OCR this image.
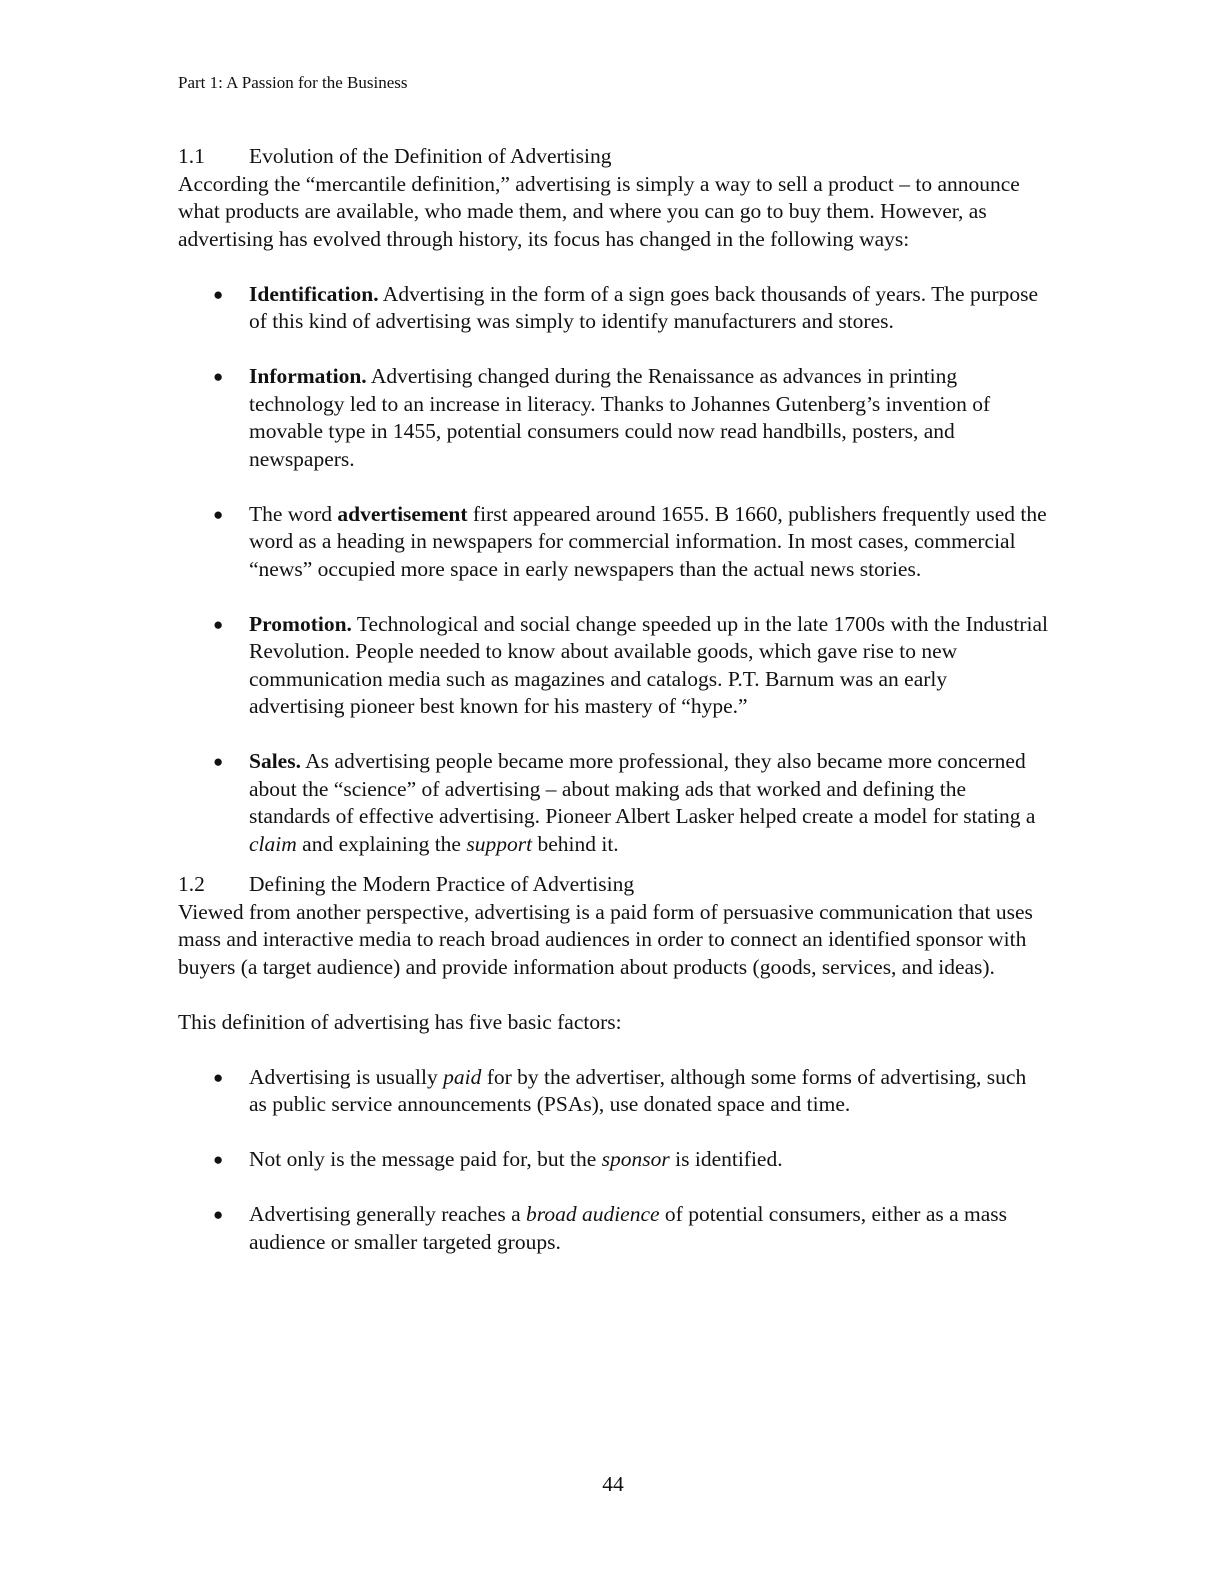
Part 1: A Passion for the Business
1.1	Evolution of the Definition of Advertising

According the “mercantile definition,” advertising is simply a way to sell a product – to announce what products are available, who made them, and where you can go to buy them. However, as advertising has evolved through history, its focus has changed in the following ways:

● Identification. Advertising in the form of a sign goes back thousands of years. The purpose of this kind of advertising was simply to identify manufacturers and stores.
● Information. Advertising changed during the Renaissance as advances in printing technology led to an increase in literacy. Thanks to Johannes Gutenberg’s invention of movable type in 1455, potential consumers could now read handbills, posters, and newspapers.
● The word advertisement first appeared around 1655. B 1660, publishers frequently used the word as a heading in newspapers for commercial information. In most cases, commercial “news” occupied more space in early newspapers than the actual news stories.
● Promotion. Technological and social change speeded up in the late 1700s with the Industrial Revolution. People needed to know about available goods, which gave rise to new communication media such as magazines and catalogs. P.T. Barnum was an early advertising pioneer best known for his mastery of “hype.”
● Sales. As advertising people became more professional, they also became more concerned about the “science” of advertising – about making ads that worked and defining the standards of effective advertising. Pioneer Albert Lasker helped create a model for stating a claim and explaining the support behind it.
1.2	Defining the Modern Practice of Advertising

Viewed from another perspective, advertising is a paid form of persuasive communication that uses mass and interactive media to reach broad audiences in order to connect an identified sponsor with buyers (a target audience) and provide information about products (goods, services, and ideas).

This definition of advertising has five basic factors:

● Advertising is usually paid for by the advertiser, although some forms of advertising, such as public service announcements (PSAs), use donated space and time.
● Not only is the message paid for, but the sponsor is identified.
● Advertising generally reaches a broad audience of potential consumers, either as a mass audience or smaller targeted groups.
44
